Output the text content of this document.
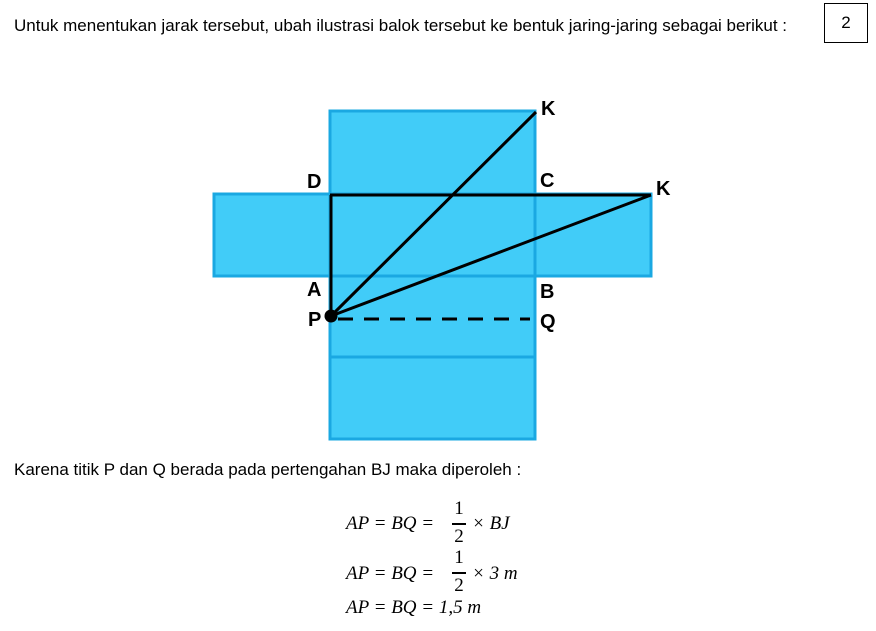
Untuk menentukan jarak tersebut, ubah ilustrasi balok tersebut ke bentuk jaring-jaring sebagai berikut :	2
K
K
D	C
A	B
P	Q
Karena titik P dan Q berada pada pertengahan BJ maka diperoleh :
AP = BQ =
1
2
× BJ
AP = BQ =
1
2
× 3 m
AP = BQ = 1,5 m
